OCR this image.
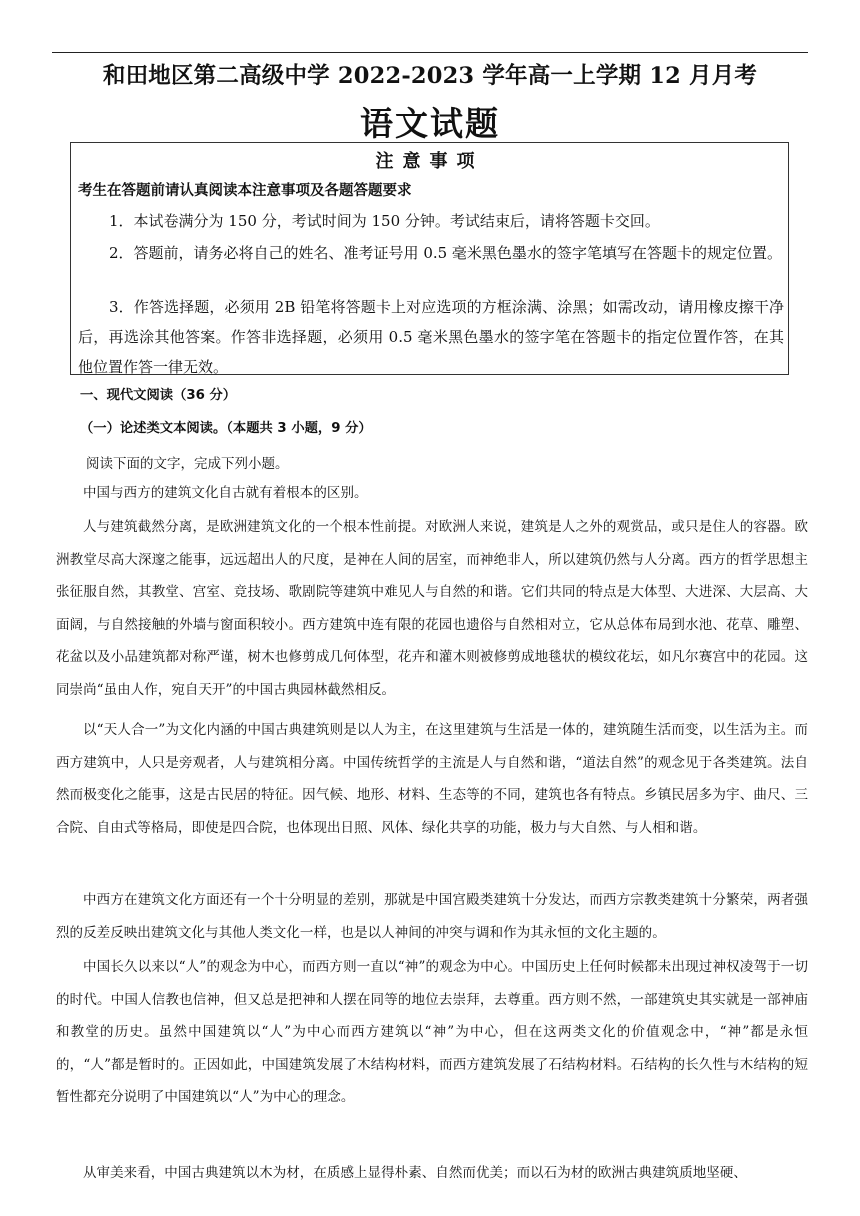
和田地区第二高级中学 2022-2023 学年高一上学期 12 月月考
语文试题
注意事项
考生在答题前请认真阅读本注意事项及各题答题要求
1．本试卷满分为 150 分，考试时间为 150 分钟。考试结束后，请将答题卡交回。
2．答题前，请务必将自己的姓名、准考证号用 0.5 毫米黑色墨水的签字笔填写在答题卡的规定位置。
3．作答选择题，必须用 2B 铅笔将答题卡上对应选项的方框涂满、涂黑；如需改动，请用橡皮擦干净后，再选涂其他答案。作答非选择题，必须用 0.5 毫米黑色墨水的签字笔在答题卡的指定位置作答，在其他位置作答一律无效。
一、现代文阅读（36 分）
（一）论述类文本阅读。（本题共 3 小题，9 分）
阅读下面的文字，完成下列小题。
中国与西方的建筑文化自古就有着根本的区别。
人与建筑截然分离，是欧洲建筑文化的一个根本性前提。对欧洲人来说，建筑是人之外的观赏品，或只是住人的容器。欧洲教堂尽高大深邃之能事，远远超出人的尺度，是神在人间的居室，而神绝非人，所以建筑仍然与人分离。西方的哲学思想主张征服自然，其教堂、宫室、竞技场、歌剧院等建筑中难见人与自然的和谐。它们共同的特点是大体型、大进深、大层高、大面阔，与自然接触的外墙与窗面积较小。西方建筑中连有限的花园也遗俗与自然相对立，它从总体布局到水池、花草、雕塑、花盆以及小品建筑都对称严谨，树木也修剪成几何体型，花卉和灌木则被修剪成地毯状的模纹花坛，如凡尔赛宫中的花园。这同崇尚“虽由人作，宛自天开”的中国古典园林截然相反。
以“天人合一”为文化内涵的中国古典建筑则是以人为主，在这里建筑与生活是一体的，建筑随生活而变，以生活为主。而西方建筑中，人只是旁观者，人与建筑相分离。中国传统哲学的主流是人与自然和谐，“道法自然”的观念见于各类建筑。法自然而极变化之能事，这是古民居的特征。因气候、地形、材料、生态等的不同，建筑也各有特点。乡镇民居多为宇、曲尺、三合院、自由式等格局，即使是四合院，也体现出日照、风体、绿化共享的功能，极力与大自然、与人相和谐。
中西方在建筑文化方面还有一个十分明显的差别，那就是中国宫殿类建筑十分发达，而西方宗教类建筑十分繁荣，两者强烈的反差反映出建筑文化与其他人类文化一样，也是以人神间的冲突与调和作为其永恒的文化主题的。
中国长久以来以“人”的观念为中心，而西方则一直以“神”的观念为中心。中国历史上任何时候都未出现过神权凌驾于一切的时代。中国人信教也信神，但又总是把神和人摆在同等的地位去崇拜，去尊重。西方则不然，一部建筑史其实就是一部神庙和教堂的历史。虽然中国建筑以“人”为中心而西方建筑以“神”为中心，但在这两类文化的价值观念中，“神”都是永恒的，“人”都是暂时的。正因如此，中国建筑发展了木结构材料，而西方建筑发展了石结构材料。石结构的长久性与木结构的短暂性都充分说明了中国建筑以“人”为中心的理念。
从审美来看，中国古典建筑以木为材，在质感上显得朴素、自然而优美；而以石为材的欧洲古典建筑质地坚硬、
